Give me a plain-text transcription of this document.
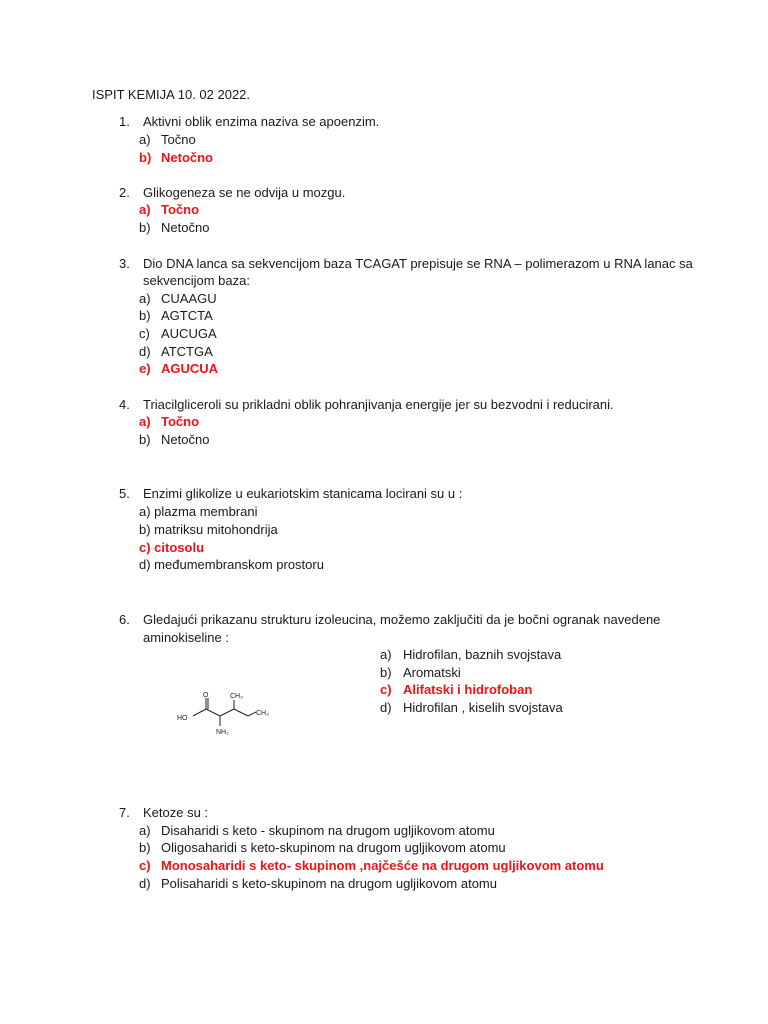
ISPIT KEMIJA 10. 02 2022.
1. Aktivni oblik enzima naziva se apoenzim.
a) Točno
b) Netočno
2. Glikogeneza se ne odvija u mozgu.
a) Točno
b) Netočno
3. Dio DNA lanca sa sekvencijom baza TCAGAT prepisuje se RNA – polimerazom u RNA lanac sa
sekvencijom baza:
a) CUAAGU
b) AGTCTA
c) AUCUGA
d) ATCTGA
e) AGUCUA
4. Triacilgliceroli su prikladni oblik pohranjivanja energije jer su bezvodni i reducirani.
a) Točno
b) Netočno
5. Enzimi glikolize u eukariotskim stanicama locirani su u :
a) plazma membrani
b) matriksu mitohondrija
c) citosolu
d) međumembranskom prostoru
6. Gledajući prikazanu strukturu izoleucina, možemo zaključiti da je bočni ogranak navedene
aminokiseline :
a) Hidrofilan, baznih svojstava
b) Aromatski
c) Alifatski i hidrofoban
d) Hidrofilan , kiselih svojstava
O	CH₃
HO
CH₃
NH₂
7. Ketoze su :
a) Disaharidi s keto - skupinom na drugom ugljikovom atomu
b) Oligosaharidi s keto-skupinom na drugom ugljikovom atomu
c) Monosaharidi s keto- skupinom ,najčešće na drugom ugljikovom atomu
d) Polisaharidi s keto-skupinom na drugom ugljikovom atomu
